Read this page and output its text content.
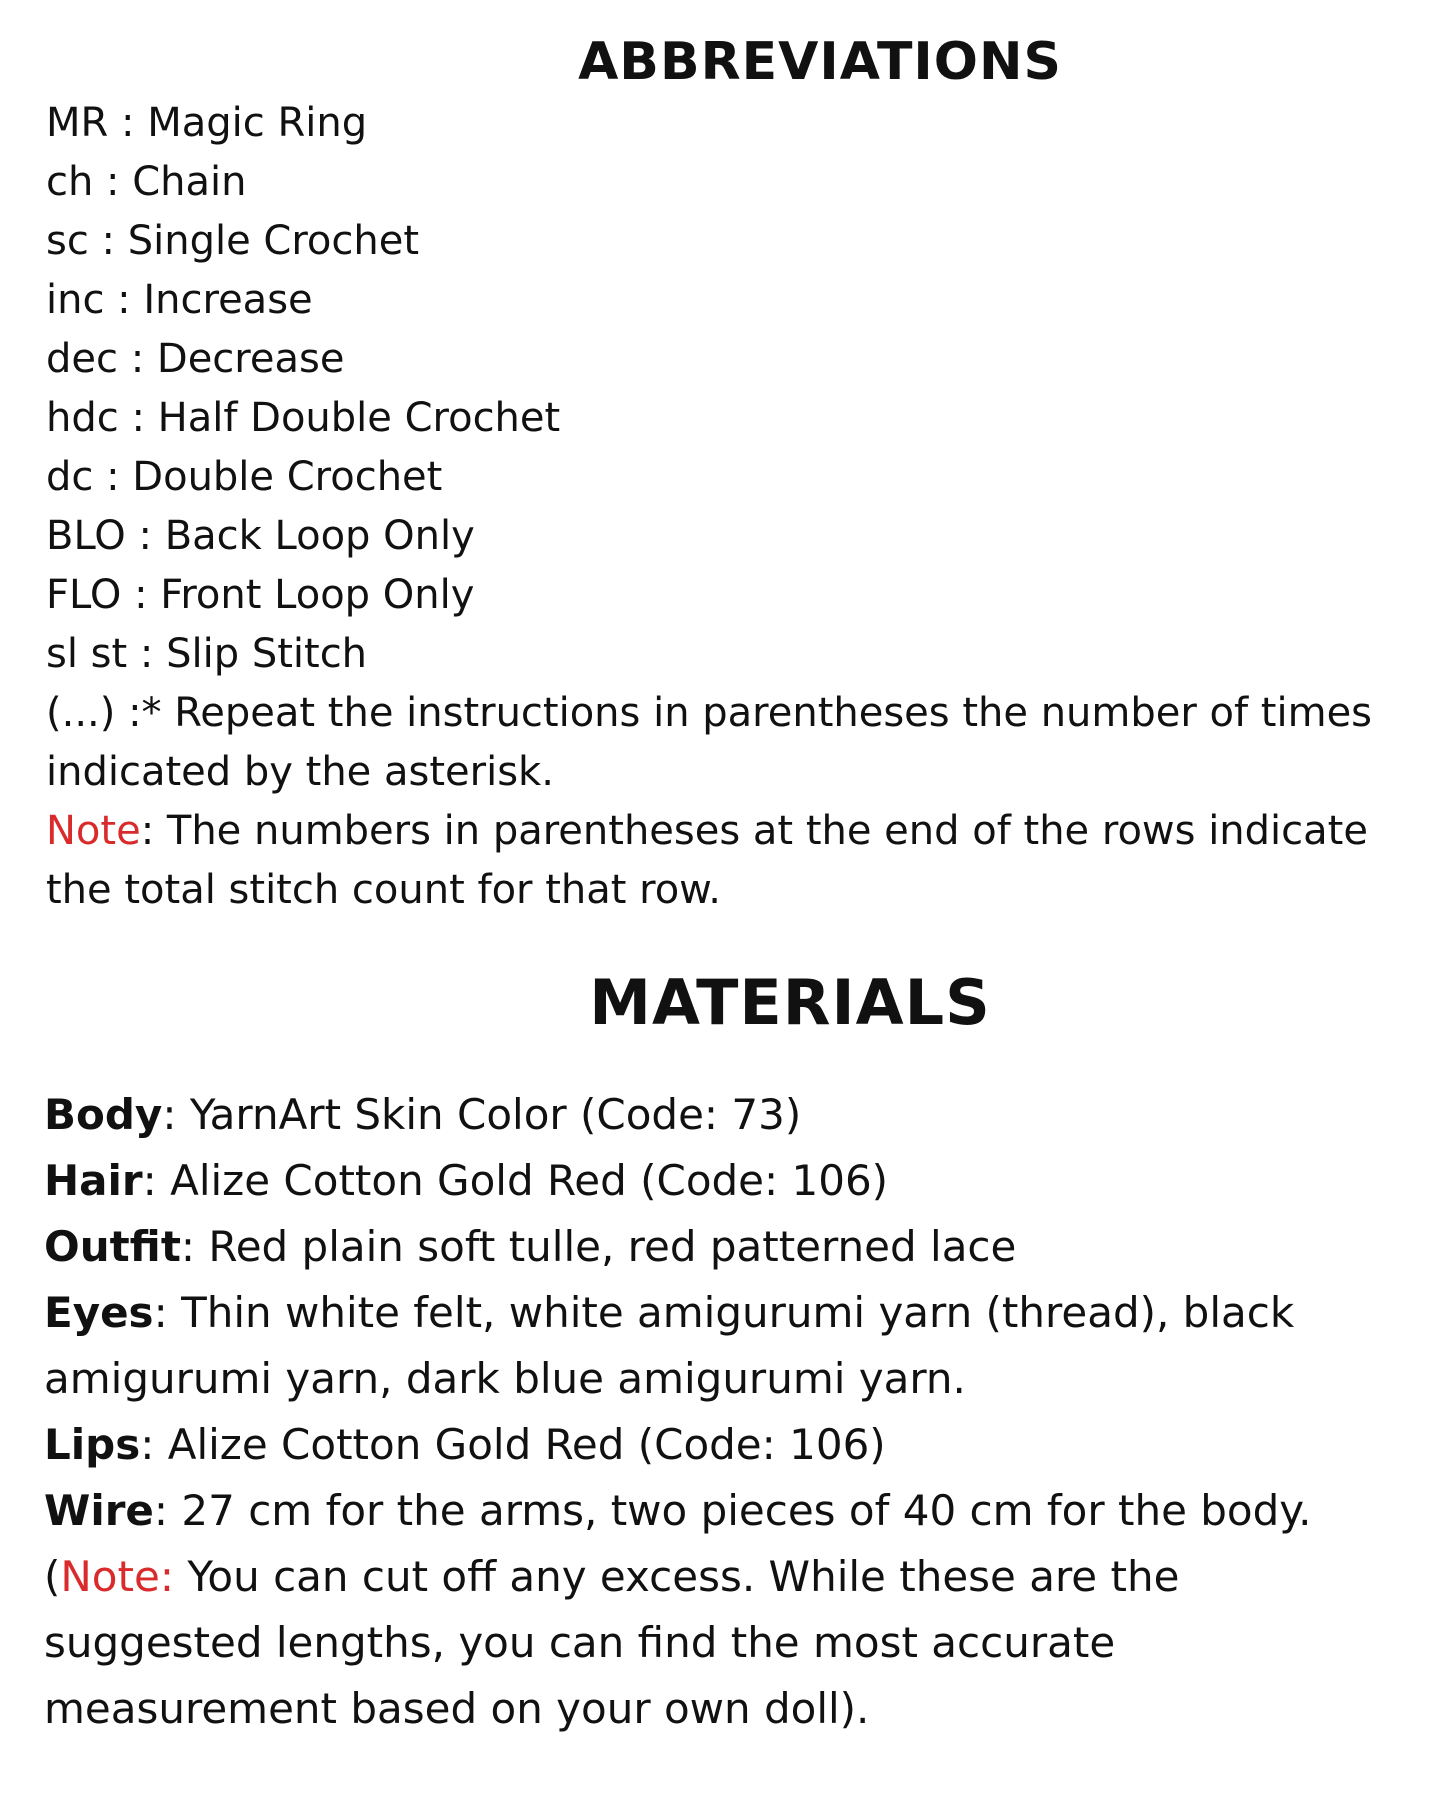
ABBREVIATIONS
MR : Magic Ring
ch : Chain
sc : Single Crochet
inc : Increase
dec : Decrease
hdc : Half Double Crochet
dc : Double Crochet
BLO : Back Loop Only
FLO : Front Loop Only
sl st : Slip Stitch

(...) :* Repeat the instructions in parentheses the number of times indicated by the asterisk.

Note: The numbers in parentheses at the end of the rows indicate the total stitch count for that row.

MATERIALS
Body: YarnArt Skin Color (Code: 73)
Hair: Alize Cotton Gold Red (Code: 106)
Outfit: Red plain soft tulle, red patterned lace
Eyes: Thin white felt, white amigurumi yarn (thread), black amigurumi yarn, dark blue amigurumi yarn.
Lips: Alize Cotton Gold Red (Code: 106)
Wire: 27 cm for the arms, two pieces of 40 cm for the body.
(Note: You can cut off any excess. While these are the suggested lengths, you can find the most accurate measurement based on your own doll).
